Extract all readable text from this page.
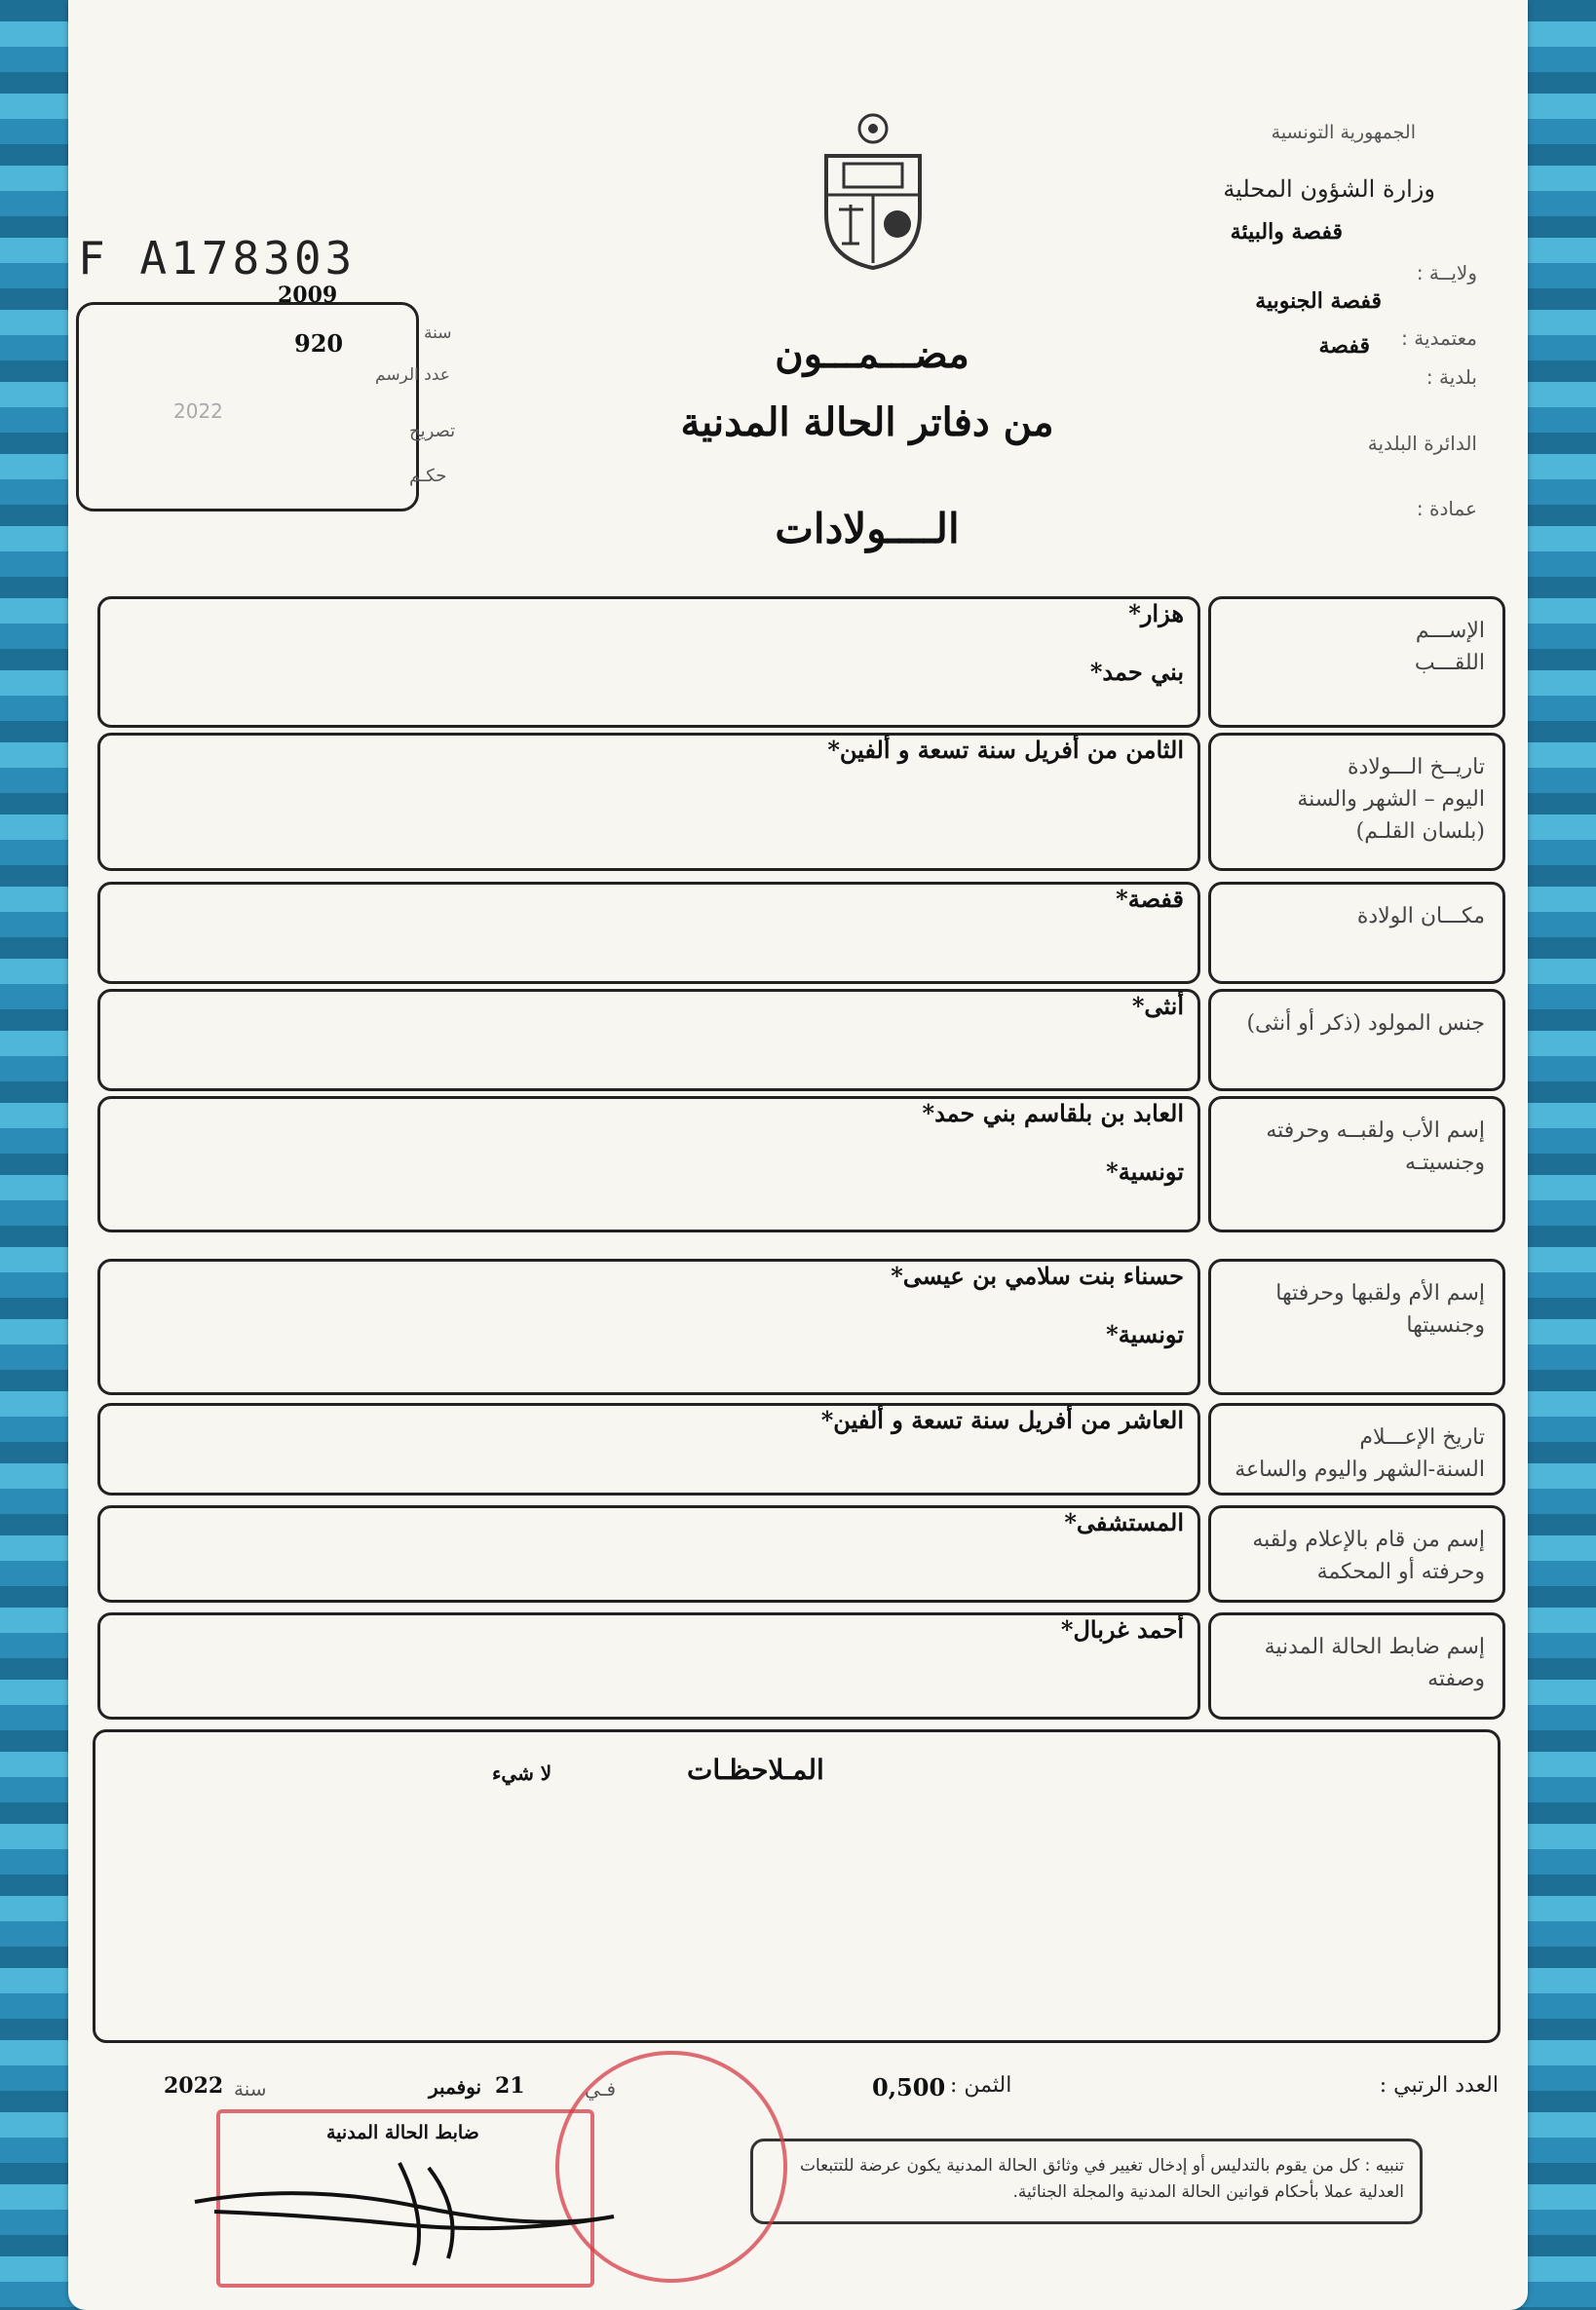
الجمهورية التونسية
وزارة الشؤون المحلية
قفصة والبيئة
ولايــة :
قفصة الجنوبية
معتمدية :
قفصة
بلدية :
الدائرة البلدية
عمادة :
F A178303
سنة
2009
عدد الرسم
920
2022
تصريح
حكـم
مضـــمـــون
من دفاتر الحالة المدنية
الــــولادات
الإســـم
اللقـــب
هزار*
بني حمد*
تاريــخ الـــولادة
اليوم – الشهر والسنة
(بلسان القلـم)
الثامن من أفريل سنة تسعة و ألفين*
مكـــان الولادة
قفصة*
جنس المولود (ذكر أو أنثى)
أنثى*
إسم الأب ولقبــه وحرفته
وجنسيتـه
العابد بن بلقاسم بني حمد*
تونسية*
إسم الأم ولقبها وحرفتها
وجنسيتها
حسناء بنت سلامي بن عيسى*
تونسية*
تاريخ الإعـــلام
السنة-الشهر واليوم والساعة
العاشر من أفريل سنة تسعة و ألفين*
إسم من قام بالإعلام ولقبه
وحرفته أو المحكمة
المستشفى*
إسم ضابط الحالة المدنية
وصفته
أحمد غربال*
المـلاحظـات
لا شيء
العدد الرتبي :
الثمن :
0,500
فـي
21
نوفمبر
سنة
2022
ضابط الحالة المدنية
تنبيه : كل من يقوم بالتدليس أو إدخال تغيير في وثائق الحالة المدنية يكون عرضة للتتبعات العدلية عملا بأحكام قوانين الحالة المدنية والمجلة الجنائية.
